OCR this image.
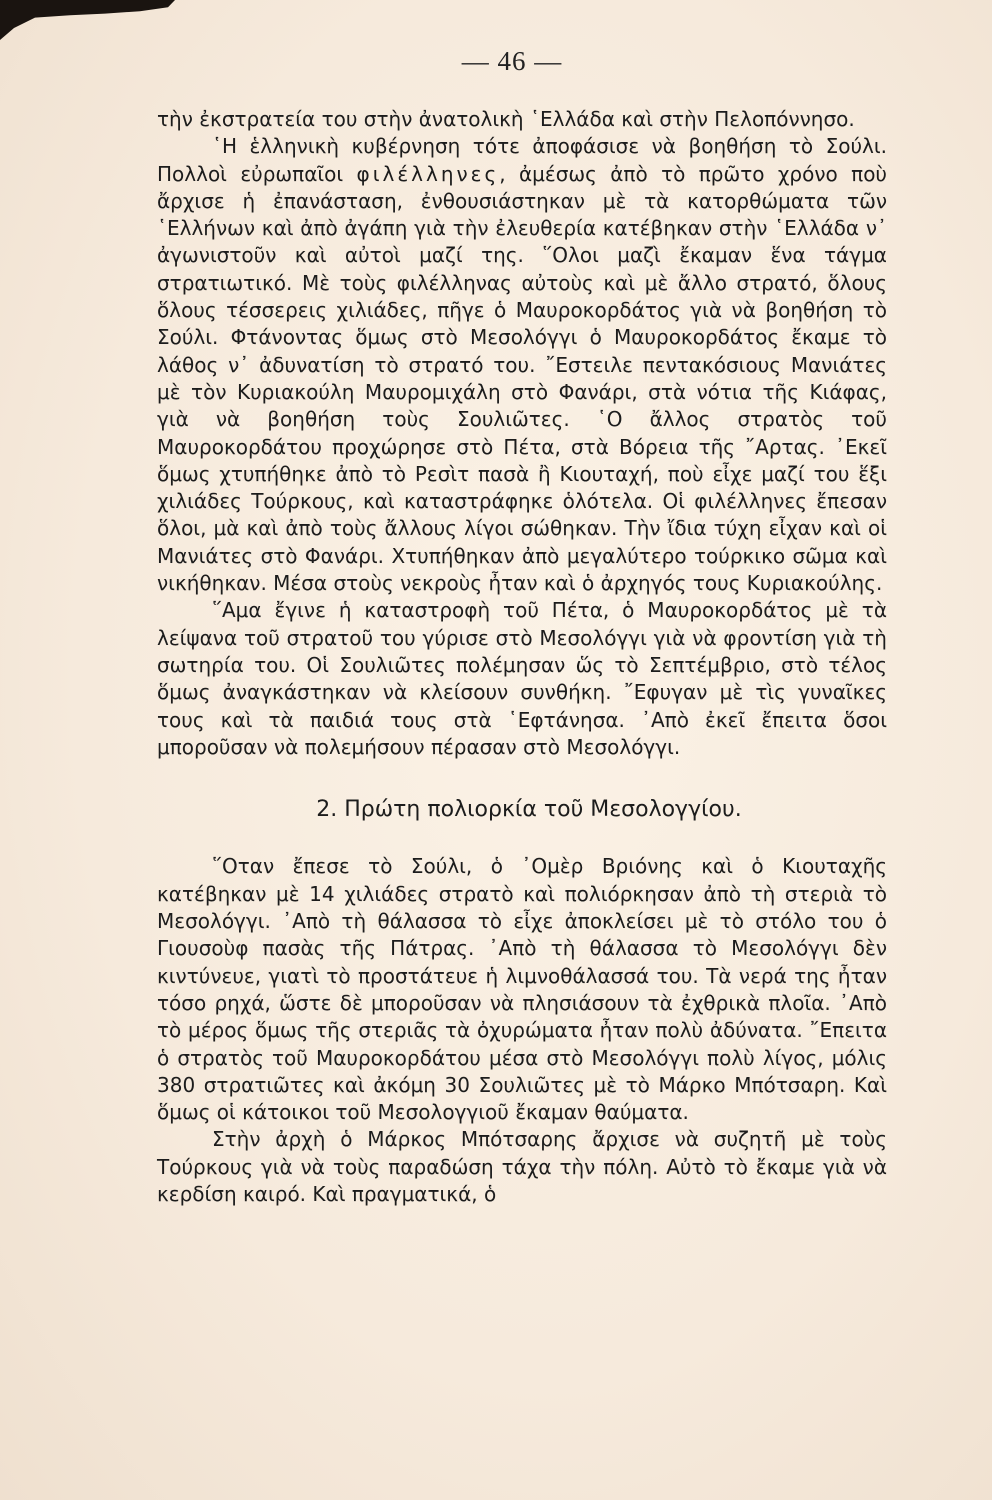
— 46 —

τὴν ἐκστρατεία του στὴν ἀνατολικὴ ῾Ελλάδα καὶ στὴν Πελοπόννησο.

῾Η ἑλληνικὴ κυβέρνηση τότε ἀποφάσισε νὰ βοηθήση τὸ Σούλι. Πολλοὶ εὐρωπαῖοι φιλέλληνες, ἀμέσως ἀπὸ τὸ πρῶτο χρόνο ποὺ ἄρχισε ἡ ἐπανάσταση, ἐνθουσιάστηκαν μὲ τὰ κατορθώματα τῶν ῾Ελλήνων καὶ ἀπὸ ἀγάπη γιὰ τὴν ἐλευθερία κατέβηκαν στὴν ῾Ελλάδα ν᾽ ἀγωνιστοῦν καὶ αὐτοὶ μαζί της. ῞Ολοι μαζὶ ἔκαμαν ἕνα τάγμα στρατιωτικό. Μὲ τοὺς φιλέλληνας αὐτοὺς καὶ μὲ ἄλλο στρατό, ὅλους ὅλους τέσσερεις χιλιάδες, πῆγε ὁ Μαυροκορδάτος γιὰ νὰ βοηθήση τὸ Σούλι. Φτάνοντας ὅμως στὸ Μεσολόγγι ὁ Μαυροκορδάτος ἔκαμε τὸ λάθος ν᾽ ἀδυνατίση τὸ στρατό του. ῎Εστειλε πεντακόσιους Μανιάτες μὲ τὸν Κυριακούλη Μαυρομιχάλη στὸ Φανάρι, στὰ νότια τῆς Κιάφας, γιὰ νὰ βοηθήση τοὺς Σουλιῶτες. ῾Ο ἄλλος στρατὸς τοῦ Μαυροκορδάτου προχώρησε στὸ Πέτα, στὰ Βόρεια τῆς ῎Αρτας. ᾽Εκεῖ ὅμως χτυπήθηκε ἀπὸ τὸ Ρεσὶτ πασὰ ἢ Κιουταχή, ποὺ εἶχε μαζί του ἕξι χιλιάδες Τούρκους, καὶ καταστράφηκε ὁλότελα. Οἱ φιλέλληνες ἔπεσαν ὅλοι, μὰ καὶ ἀπὸ τοὺς ἄλλους λίγοι σώθηκαν. Τὴν ἴδια τύχη εἶχαν καὶ οἱ Μανιάτες στὸ Φανάρι. Χτυπήθηκαν ἀπὸ μεγαλύτερο τούρκικο σῶμα καὶ νικήθηκαν. Μέσα στοὺς νεκροὺς ἦταν καὶ ὁ ἀρχηγός τους Κυριακούλης.

῞Αμα ἔγινε ἡ καταστροφὴ τοῦ Πέτα, ὁ Μαυροκορδάτος μὲ τὰ λείψανα τοῦ στρατοῦ του γύρισε στὸ Μεσολόγγι γιὰ νὰ φροντίση γιὰ τὴ σωτηρία του. Οἱ Σουλιῶτες πολέμησαν ὥς τὸ Σεπτέμβριο, στὸ τέλος ὅμως ἀναγκάστηκαν νὰ κλείσουν συνθήκη. ῎Εφυγαν μὲ τὶς γυναῖκες τους καὶ τὰ παιδιά τους στὰ ῾Εφτάνησα. ᾽Απὸ ἐκεῖ ἔπειτα ὅσοι μποροῦσαν νὰ πολεμήσουν πέρασαν στὸ Μεσολόγγι.

2. Πρώτη πολιορκία τοῦ Μεσολογγίου.

῞Οταν ἔπεσε τὸ Σούλι, ὁ ᾽Ομὲρ Βριόνης καὶ ὁ Κιουταχῆς κατέβηκαν μὲ 14 χιλιάδες στρατὸ καὶ πολιόρκησαν ἀπὸ τὴ στεριὰ τὸ Μεσολόγγι. ᾽Απὸ τὴ θάλασσα τὸ εἶχε ἀποκλείσει μὲ τὸ στόλο του ὁ Γιουσοὺφ πασὰς τῆς Πάτρας. ᾽Απὸ τὴ θάλασσα τὸ Μεσολόγγι δὲν κιντύνευε, γιατὶ τὸ προστάτευε ἡ λιμνοθάλασσά του. Τὰ νερά της ἦταν τόσο ρηχά, ὥστε δὲ μποροῦσαν νὰ πλησιάσουν τὰ ἐχθρικὰ πλοῖα. ᾽Απὸ τὸ μέρος ὅμως τῆς στεριᾶς τὰ ὀχυρώματα ἦταν πολὺ ἀδύνατα. ῎Επειτα ὁ στρατὸς τοῦ Μαυροκορδάτου μέσα στὸ Μεσολόγγι πολὺ λίγος, μόλις 380 στρατιῶτες καὶ ἀκόμη 30 Σουλιῶτες μὲ τὸ Μάρκο Μπότσαρη. Καὶ ὅμως οἱ κάτοικοι τοῦ Μεσολογγιοῦ ἔκαμαν θαύματα.

Στὴν ἀρχὴ ὁ Μάρκος Μπότσαρης ἄρχισε νὰ συζητῆ μὲ τοὺς Τούρκους γιὰ νὰ τοὺς παραδώση τάχα τὴν πόλη. Αὐτὸ τὸ ἔκαμε γιὰ νὰ κερδίση καιρό. Καὶ πραγματικά, ὁ
